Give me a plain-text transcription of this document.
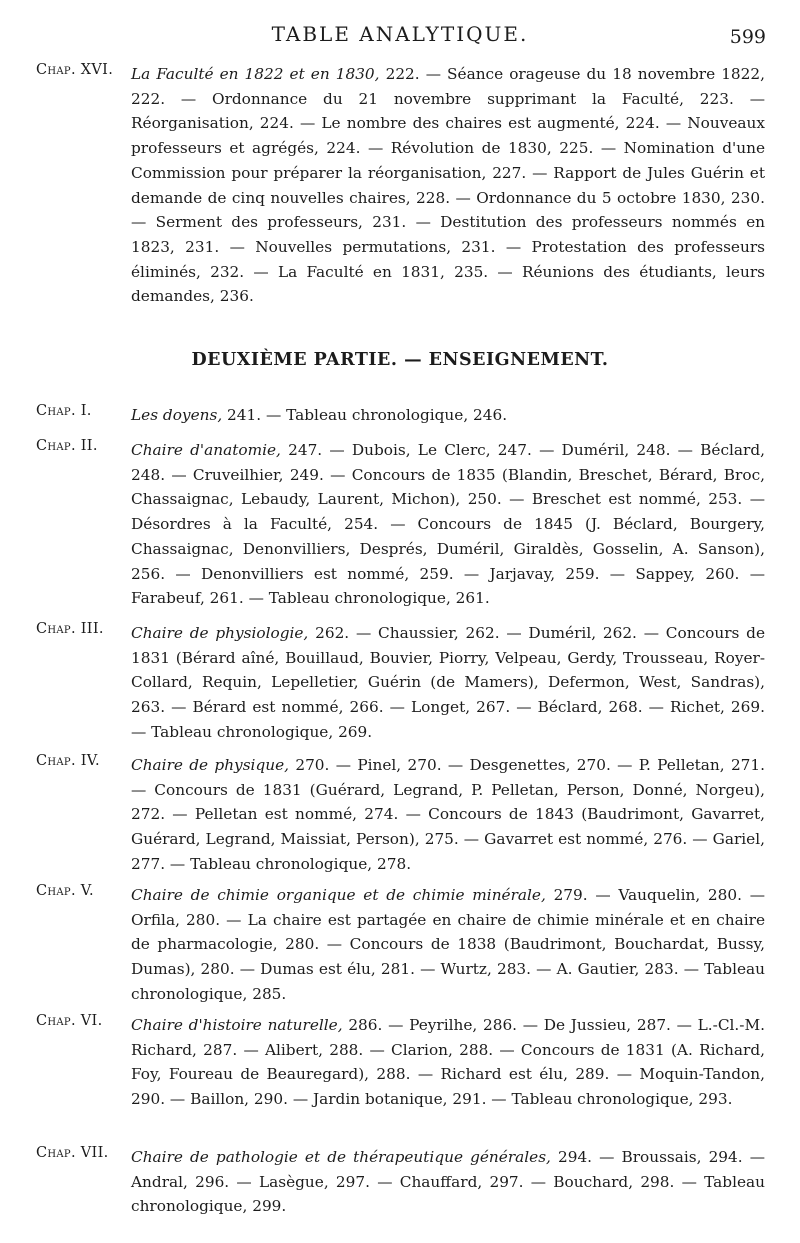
TABLE ANALYTIQUE.	599
Chap. XVI. La Faculté en 1822 et en 1830, 222. — Séance orageuse du 18 novembre 1822, 222. — Ordonnance du 21 novembre supprimant la Faculté, 223. — Réorganisation, 224. — Le nombre des chaires est augmenté, 224. — Nouveaux professeurs et agrégés, 224. — Révolution de 1830, 225. — Nomination d'une Commission pour préparer la réorganisation, 227. — Rapport de Jules Guérin et demande de cinq nouvelles chaires, 228. — Ordonnance du 5 octobre 1830, 230. — Serment des professeurs, 231. — Destitution des professeurs nommés en 1823, 231. — Nouvelles permutations, 231. — Protestation des professeurs éliminés, 232. — La Faculté en 1831, 235. — Réunions des étudiants, leurs demandes, 236.
DEUXIÈME PARTIE. — ENSEIGNEMENT.
Chap. I.	Les doyens, 241. — Tableau chronologique, 246.
Chap. II. Chaire d'anatomie, 247. — Dubois, Le Clerc, 247. — Duméril, 248. — Béclard, 248. — Cruveilhier, 249. — Concours de 1835 (Blandin, Breschet, Bérard, Broc, Chassaignac, Lebaudy, Laurent, Michon), 250. — Breschet est nommé, 253. — Désordres à la Faculté, 254. — Concours de 1845 (J. Béclard, Bourgery, Chassaignac, Denonvilliers, Després, Duméril, Giraldès, Gosselin, A. Sanson), 256. — Denonvilliers est nommé, 259. — Jarjavay, 259. — Sappey, 260. — Farabeuf, 261. — Tableau chronologique, 261.
Chap. III. Chaire de physiologie, 262. — Chaussier, 262. — Duméril, 262. — Concours de 1831 (Bérard aîné, Bouillaud, Bouvier, Piorry, Velpeau, Gerdy, Trousseau, Royer-Collard, Requin, Lepelletier, Guérin (de Mamers), Defermon, West, Sandras), 263. — Bérard est nommé, 266. — Longet, 267. — Béclard, 268. — Richet, 269. — Tableau chronologique, 269.
Chap. IV. Chaire de physique, 270. — Pinel, 270. — Desgenettes, 270. — P. Pelletan, 271. — Concours de 1831 (Guérard, Legrand, P. Pelletan, Person, Donné, Norgeu), 272. — Pelletan est nommé, 274. — Concours de 1843 (Baudrimont, Gavarret, Guérard, Legrand, Maissiat, Person), 275. — Gavarret est nommé, 276. — Gariel, 277. — Tableau chronologique, 278.
Chap. V. Chaire de chimie organique et de chimie minérale, 279. — Vauquelin, 280. — Orfila, 280. — La chaire est partagée en chaire de chimie minérale et en chaire de pharmacologie, 280. — Concours de 1838 (Baudrimont, Bouchardat, Bussy, Dumas), 280. — Dumas est élu, 281. — Wurtz, 283. — A. Gautier, 283. — Tableau chronologique, 285.
Chap. VI. Chaire d'histoire naturelle, 286. — Peyrilhe, 286. — De Jussieu, 287. — L.-Cl.-M. Richard, 287. — Alibert, 288. — Clarion, 288. — Concours de 1831 (A. Richard, Foy, Foureau de Beauregard), 288. — Richard est élu, 289. — Moquin-Tandon, 290. — Baillon, 290. — Jardin botanique, 291. — Tableau chronologique, 293.
Chap. VII. Chaire de pathologie et de thérapeutique générales, 294. — Broussais, 294. — Andral, 296. — Lasègue, 297. — Chauffard, 297. — Bouchard, 298. — Tableau chronologique, 299.
